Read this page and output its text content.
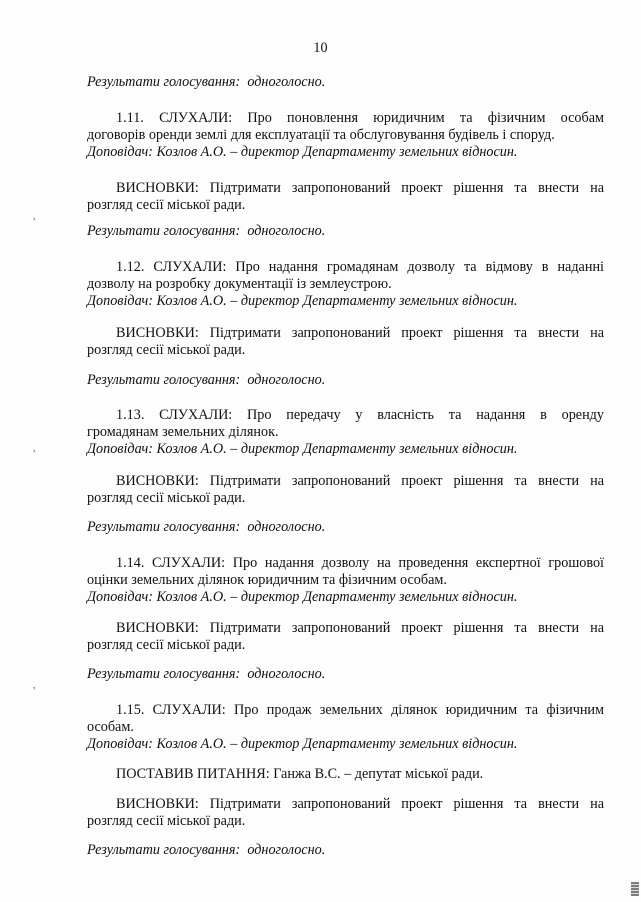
10
Результати голосування: одноголосно.
1.11. СЛУХАЛИ: Про поновлення юридичним та фізичним особам
договорів оренди землі для експлуатації та обслуговування будівель і споруд.
Доповідач: Козлов А.О. – директор Департаменту земельних відносин.
ВИСНОВКИ: Підтримати запропонований проект рішення та внести на
розгляд сесії міської ради.
Результати голосування: одноголосно.
1.12. СЛУХАЛИ: Про надання громадянам дозволу та відмову в наданні
дозволу на розробку документації із землеустрою.
Доповідач: Козлов А.О. – директор Департаменту земельних відносин.
ВИСНОВКИ: Підтримати запропонований проект рішення та внести на
розгляд сесії міської ради.
Результати голосування: одноголосно.
1.13. СЛУХАЛИ: Про передачу у власність та надання в оренду
громадянам земельних ділянок.
Доповідач: Козлов А.О. – директор Департаменту земельних відносин.
ВИСНОВКИ: Підтримати запропонований проект рішення та внести на
розгляд сесії міської ради.
Результати голосування: одноголосно.
1.14. СЛУХАЛИ: Про надання дозволу на проведення експертної грошової
оцінки земельних ділянок юридичним та фізичним особам.
Доповідач: Козлов А.О. – директор Департаменту земельних відносин.
ВИСНОВКИ: Підтримати запропонований проект рішення та внести на
розгляд сесії міської ради.
Результати голосування: одноголосно.
1.15. СЛУХАЛИ: Про продаж земельних ділянок юридичним та фізичним
особам.
Доповідач: Козлов А.О. – директор Департаменту земельних відносин.
ПОСТАВИВ ПИТАННЯ: Ганжа В.С. – депутат міської ради.
ВИСНОВКИ: Підтримати запропонований проект рішення та внести на
розгляд сесії міської ради.
Результати голосування: одноголосно.
,
,
,
